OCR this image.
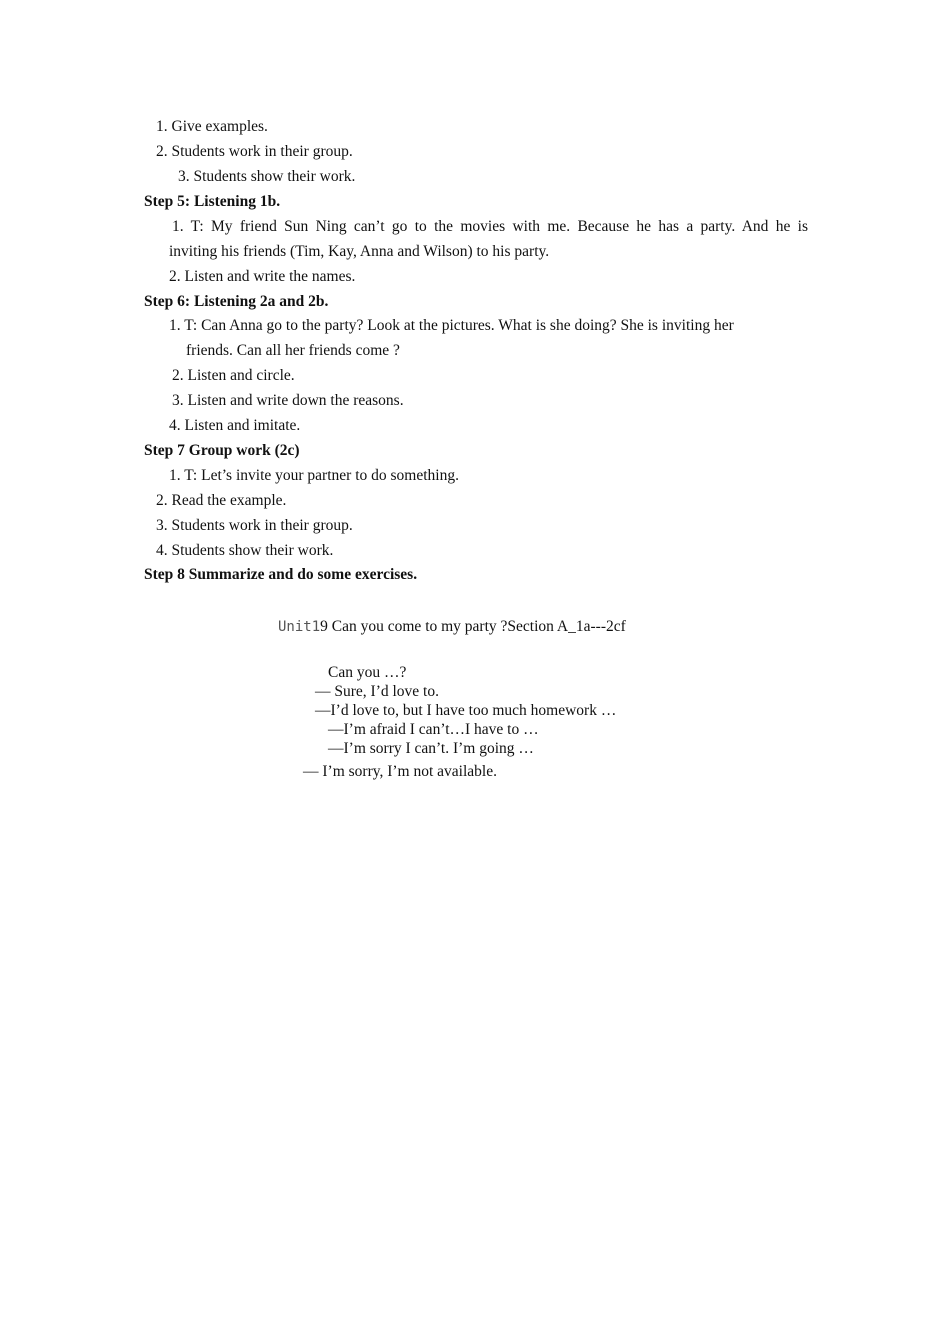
1. Give examples.
2. Students work in their group.
3. Students show their work.
Step 5: Listening 1b.
1. T: My friend Sun Ning can’t go to the movies with me. Because he has a party. And he is
inviting his friends (Tim, Kay, Anna and Wilson) to his party.
2. Listen and write the names.
Step 6: Listening 2a and 2b.
1. T: Can Anna go to the party? Look at the pictures. What is she doing? She is inviting her
friends. Can all her friends come ?
2. Listen and circle.
3. Listen and write down the reasons.
4. Listen and imitate.
Step 7 Group work (2c)
1. T: Let’s invite your partner to do something.
2. Read the example.
3. Students work in their group.
4. Students show their work.
Step 8 Summarize and do some exercises.
Unit19 Can you come to my party ?Section A_1a---2cf
Can you …?
— Sure, I’d love to.
—I’d love to, but I have too much homework …
—I’m afraid I can’t…I have to …
—I’m sorry I can’t. I’m going …
— I’m sorry, I’m not available.
